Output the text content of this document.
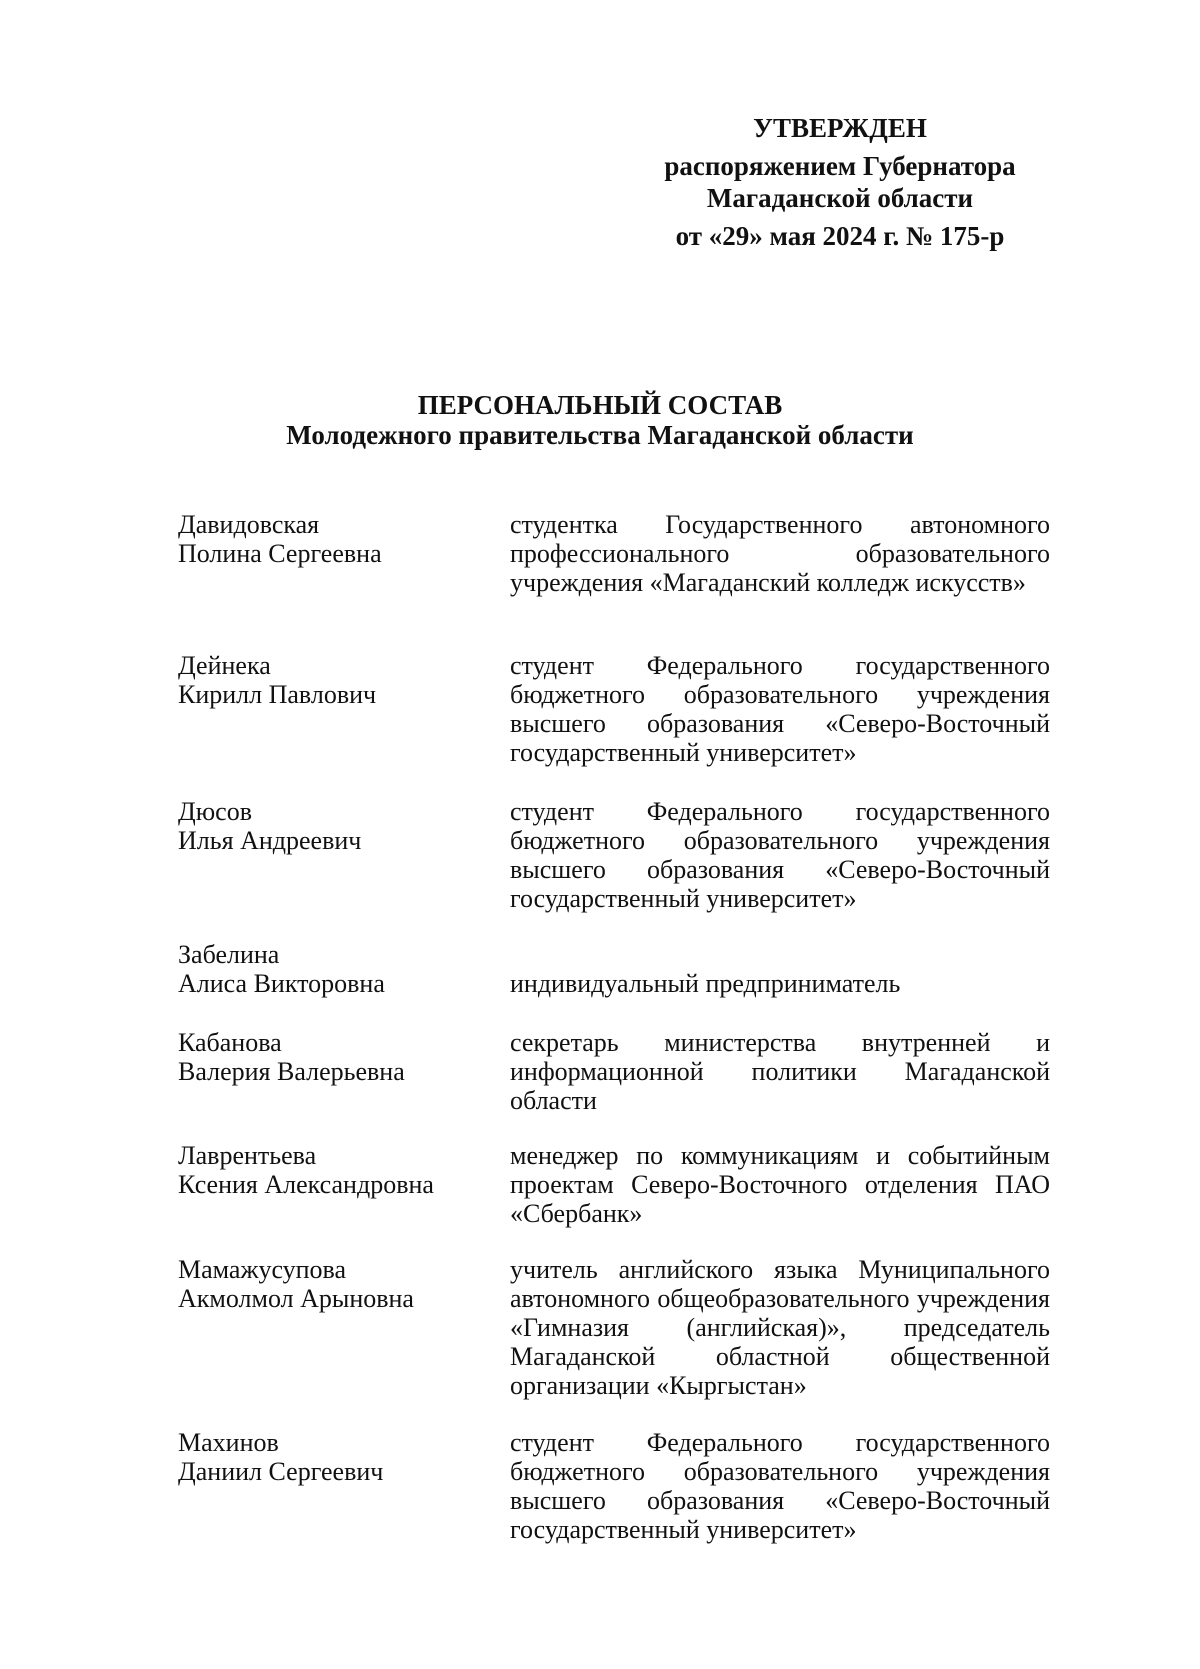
УТВЕРЖДЕН
распоряжением Губернатора
Магаданской области
от «29» мая 2024 г. № 175-р
ПЕРСОНАЛЬНЫЙ СОСТАВ
Молодежного правительства Магаданской области
Давидовская
Полина Сергеевна
студентка Государственного автономного профессионального образовательного учреждения «Магаданский колледж искусств»
Дейнека
Кирилл Павлович
студент Федерального государственного бюджетного образовательного учреждения высшего образования «Северо-Восточный государственный университет»
Дюсов
Илья Андреевич
студент Федерального государственного бюджетного образовательного учреждения высшего образования «Северо-Восточный государственный университет»
Забелина
Алиса Викторовна	индивидуальный предприниматель
Кабанова
Валерия Валерьевна
секретарь министерства внутренней и информационной политики Магаданской области
Лаврентьева
Ксения Александровна
менеджер по коммуникациям и событийным проектам Северо-Восточного отделения ПАО «Сбербанк»
Мамажусупова
Акмолмол Арыновна
учитель английского языка Муниципального автономного общеобразовательного учреждения «Гимназия (английская)», председатель Магаданской областной общественной организации «Кыргыстан»
Махинов
Даниил Сергеевич
студент Федерального государственного бюджетного образовательного учреждения высшего образования «Северо-Восточный государственный университет»
